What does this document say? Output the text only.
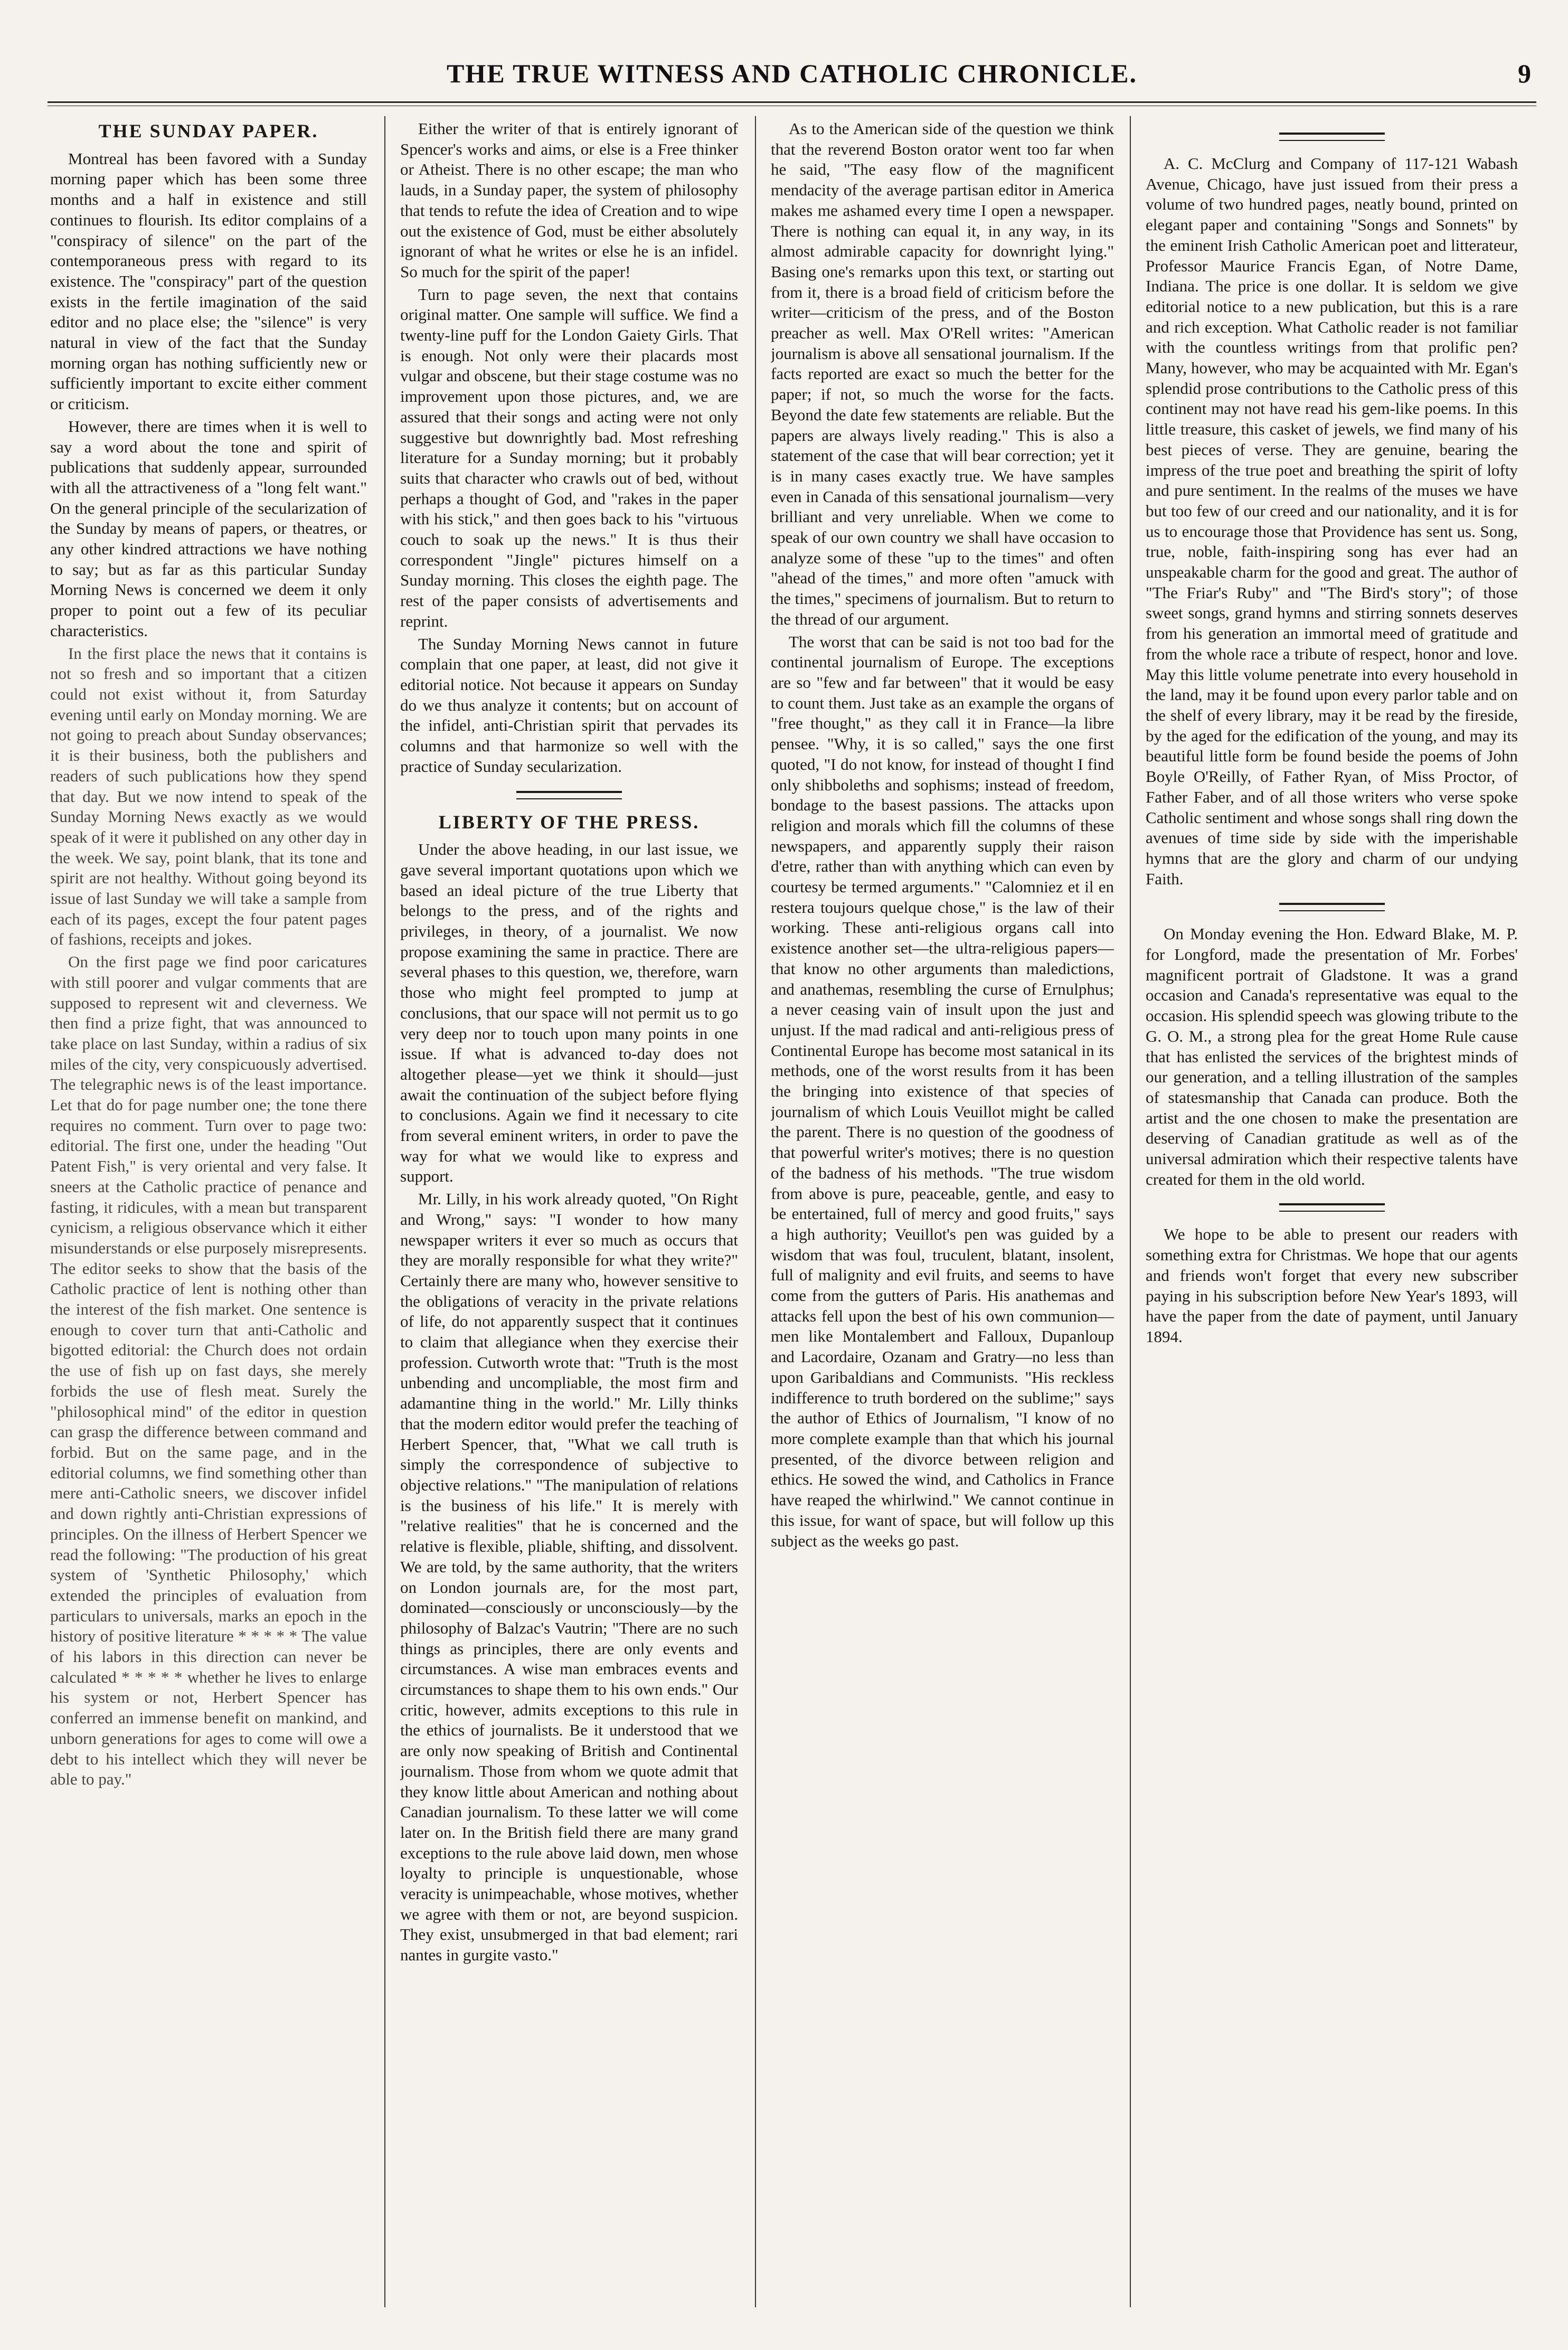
THE TRUE WITNESS AND CATHOLIC CHRONICLE.	9
THE SUNDAY PAPER.

Montreal has been favored with a Sunday morning paper which has been some three months and a half in existence and still continues to flourish. Its editor complains of a "conspiracy of silence" on the part of the contemporaneous press with regard to its existence. The "conspiracy" part of the question exists in the fertile imagination of the said editor and no place else; the "silence" is very natural in view of the fact that the Sunday morning organ has nothing sufficiently new or sufficiently important to excite either comment or criticism.

However, there are times when it is well to say a word about the tone and spirit of publications that suddenly appear, surrounded with all the attractiveness of a "long felt want." On the general principle of the secularization of the Sunday by means of papers, or theatres, or any other kindred attractions we have nothing to say; but as far as this particular Sunday Morning News is concerned we deem it only proper to point out a few of its peculiar characteristics.

In the first place the news that it contains is not so fresh and so important that a citizen could not exist without it, from Saturday evening until early on Monday morning. We are not going to preach about Sunday observances; it is their business, both the publishers and readers of such publications how they spend that day. But we now intend to speak of the Sunday Morning News exactly as we would speak of it were it published on any other day in the week. We say, point blank, that its tone and spirit are not healthy. Without going beyond its issue of last Sunday we will take a sample from each of its pages, except the four patent pages of fashions, receipts and jokes.

On the first page we find poor caricatures with still poorer and vulgar comments that are supposed to represent wit and cleverness. We then find a prize fight, that was announced to take place on last Sunday, within a radius of six miles of the city, very conspicuously advertised. The telegraphic news is of the least importance. Let that do for page number one; the tone there requires no comment. Turn over to page two: editorial. The first one, under the heading "Out Patent Fish," is very oriental and very false. It sneers at the Catholic practice of penance and fasting, it ridicules, with a mean but transparent cynicism, a religious observance which it either misunderstands or else purposely misrepresents. The editor seeks to show that the basis of the Catholic practice of lent is nothing other than the interest of the fish market. One sentence is enough to cover turn that anti-Catholic and bigotted editorial: the Church does not ordain the use of fish up on fast days, she merely forbids the use of flesh meat. Surely the "philosophical mind" of the editor in question can grasp the difference between command and forbid. But on the same page, and in the editorial columns, we find something other than mere anti-Catholic sneers, we discover infidel and down rightly anti-Christian expressions of principles. On the illness of Herbert Spencer we read the following: "The production of his great system of 'Synthetic Philosophy,' which extended the principles of evaluation from particulars to universals, marks an epoch in the history of positive literature * * * * * The value of his labors in this direction can never be calculated * * * * * whether he lives to enlarge his system or not, Herbert Spencer has conferred an immense benefit on mankind, and unborn generations for ages to come will owe a debt to his intellect which they will never be able to pay."

Either the writer of that is entirely ignorant of Spencer's works and aims, or else is a Free thinker or Atheist. There is no other escape; the man who lauds, in a Sunday paper, the system of philosophy that tends to refute the idea of Creation and to wipe out the existence of God, must be either absolutely ignorant of what he writes or else he is an infidel. So much for the spirit of the paper!

Turn to page seven, the next that contains original matter. One sample will suffice. We find a twenty-line puff for the London Gaiety Girls. That is enough. Not only were their placards most vulgar and obscene, but their stage costume was no improvement upon those pictures, and, we are assured that their songs and acting were not only suggestive but downrightly bad. Most refreshing literature for a Sunday morning; but it probably suits that character who crawls out of bed, without perhaps a thought of God, and "rakes in the paper with his stick," and then goes back to his "virtuous couch to soak up the news." It is thus their correspondent "Jingle" pictures himself on a Sunday morning. This closes the eighth page. The rest of the paper consists of advertisements and reprint.

The Sunday Morning News cannot in future complain that one paper, at least, did not give it editorial notice. Not because it appears on Sunday do we thus analyze it contents; but on account of the infidel, anti-Christian spirit that pervades its columns and that harmonize so well with the practice of Sunday secularization.

LIBERTY OF THE PRESS.

Under the above heading, in our last issue, we gave several important quotations upon which we based an ideal picture of the true Liberty that belongs to the press, and of the rights and privileges, in theory, of a journalist. We now propose examining the same in practice. There are several phases to this question, we, therefore, warn those who might feel prompted to jump at conclusions, that our space will not permit us to go very deep nor to touch upon many points in one issue. If what is advanced to-day does not altogether please—yet we think it should—just await the continuation of the subject before flying to conclusions. Again we find it necessary to cite from several eminent writers, in order to pave the way for what we would like to express and support.

Mr. Lilly, in his work already quoted, "On Right and Wrong," says: "I wonder to how many newspaper writers it ever so much as occurs that they are morally responsible for what they write?" Certainly there are many who, however sensitive to the obligations of veracity in the private relations of life, do not apparently suspect that it continues to claim that allegiance when they exercise their profession. Cutworth wrote that: "Truth is the most unbending and uncompliable, the most firm and adamantine thing in the world." Mr. Lilly thinks that the modern editor would prefer the teaching of Herbert Spencer, that, "What we call truth is simply the correspondence of subjective to objective relations." "The manipulation of relations is the business of his life." It is merely with "relative realities" that he is concerned and the relative is flexible, pliable, shifting, and dissolvent. We are told, by the same authority, that the writers on London journals are, for the most part, dominated—consciously or unconsciously—by the philosophy of Balzac's Vautrin; "There are no such things as principles, there are only events and circumstances. A wise man embraces events and circumstances to shape them to his own ends." Our critic, however, admits exceptions to this rule in the ethics of journalists. Be it understood that we are only now speaking of British and Continental journalism. Those from whom we quote admit that they know little about American and nothing about Canadian journalism. To these latter we will come later on. In the British field there are many grand exceptions to the rule above laid down, men whose loyalty to principle is unquestionable, whose veracity is unimpeachable, whose motives, whether we agree with them or not, are beyond suspicion. They exist, unsubmerged in that bad element; rari nantes in gurgite vasto."

As to the American side of the question we think that the reverend Boston orator went too far when he said, "The easy flow of the magnificent mendacity of the average partisan editor in America makes me ashamed every time I open a newspaper. There is nothing can equal it, in any way, in its almost admirable capacity for downright lying." Basing one's remarks upon this text, or starting out from it, there is a broad field of criticism before the writer—criticism of the press, and of the Boston preacher as well. Max O'Rell writes: "American journalism is above all sensational journalism. If the facts reported are exact so much the better for the paper; if not, so much the worse for the facts. Beyond the date few statements are reliable. But the papers are always lively reading." This is also a statement of the case that will bear correction; yet it is in many cases exactly true. We have samples even in Canada of this sensational journalism—very brilliant and very unreliable. When we come to speak of our own country we shall have occasion to analyze some of these "up to the times" and often "ahead of the times," and more often "amuck with the times," specimens of journalism. But to return to the thread of our argument.

The worst that can be said is not too bad for the continental journalism of Europe. The exceptions are so "few and far between" that it would be easy to count them. Just take as an example the organs of "free thought," as they call it in France—la libre pensee. "Why, it is so called," says the one first quoted, "I do not know, for instead of thought I find only shibboleths and sophisms; instead of freedom, bondage to the basest passions. The attacks upon religion and morals which fill the columns of these newspapers, and apparently supply their raison d'etre, rather than with anything which can even by courtesy be termed arguments." "Calomniez et il en restera toujours quelque chose," is the law of their working. These anti-religious organs call into existence another set—the ultra-religious papers—that know no other arguments than maledictions, and anathemas, resembling the curse of Ernulphus; a never ceasing vain of insult upon the just and unjust. If the mad radical and anti-religious press of Continental Europe has become most satanical in its methods, one of the worst results from it has been the bringing into existence of that species of journalism of which Louis Veuillot might be called the parent. There is no question of the goodness of that powerful writer's motives; there is no question of the badness of his methods. "The true wisdom from above is pure, peaceable, gentle, and easy to be entertained, full of mercy and good fruits," says a high authority; Veuillot's pen was guided by a wisdom that was foul, truculent, blatant, insolent, full of malignity and evil fruits, and seems to have come from the gutters of Paris. His anathemas and attacks fell upon the best of his own communion—men like Montalembert and Falloux, Dupanloup and Lacordaire, Ozanam and Gratry—no less than upon Garibaldians and Communists. "His reckless indifference to truth bordered on the sublime;" says the author of Ethics of Journalism, "I know of no more complete example than that which his journal presented, of the divorce between religion and ethics. He sowed the wind, and Catholics in France have reaped the whirlwind." We cannot continue in this issue, for want of space, but will follow up this subject as the weeks go past.

A. C. McClurg and Company of 117-121 Wabash Avenue, Chicago, have just issued from their press a volume of two hundred pages, neatly bound, printed on elegant paper and containing "Songs and Sonnets" by the eminent Irish Catholic American poet and litterateur, Professor Maurice Francis Egan, of Notre Dame, Indiana. The price is one dollar. It is seldom we give editorial notice to a new publication, but this is a rare and rich exception. What Catholic reader is not familiar with the countless writings from that prolific pen? Many, however, who may be acquainted with Mr. Egan's splendid prose contributions to the Catholic press of this continent may not have read his gem-like poems. In this little treasure, this casket of jewels, we find many of his best pieces of verse. They are genuine, bearing the impress of the true poet and breathing the spirit of lofty and pure sentiment. In the realms of the muses we have but too few of our creed and our nationality, and it is for us to encourage those that Providence has sent us. Song, true, noble, faith-inspiring song has ever had an unspeakable charm for the good and great. The author of "The Friar's Ruby" and "The Bird's story"; of those sweet songs, grand hymns and stirring sonnets deserves from his generation an immortal meed of gratitude and from the whole race a tribute of respect, honor and love. May this little volume penetrate into every household in the land, may it be found upon every parlor table and on the shelf of every library, may it be read by the fireside, by the aged for the edification of the young, and may its beautiful little form be found beside the poems of John Boyle O'Reilly, of Father Ryan, of Miss Proctor, of Father Faber, and of all those writers who verse spoke Catholic sentiment and whose songs shall ring down the avenues of time side by side with the imperishable hymns that are the glory and charm of our undying Faith.

On Monday evening the Hon. Edward Blake, M. P. for Longford, made the presentation of Mr. Forbes' magnificent portrait of Gladstone. It was a grand occasion and Canada's representative was equal to the occasion. His splendid speech was glowing tribute to the G. O. M., a strong plea for the great Home Rule cause that has enlisted the services of the brightest minds of our generation, and a telling illustration of the samples of statesmanship that Canada can produce. Both the artist and the one chosen to make the presentation are deserving of Canadian gratitude as well as of the universal admiration which their respective talents have created for them in the old world.

We hope to be able to present our readers with something extra for Christmas. We hope that our agents and friends won't forget that every new subscriber paying in his subscription before New Year's 1893, will have the paper from the date of payment, until January 1894.
